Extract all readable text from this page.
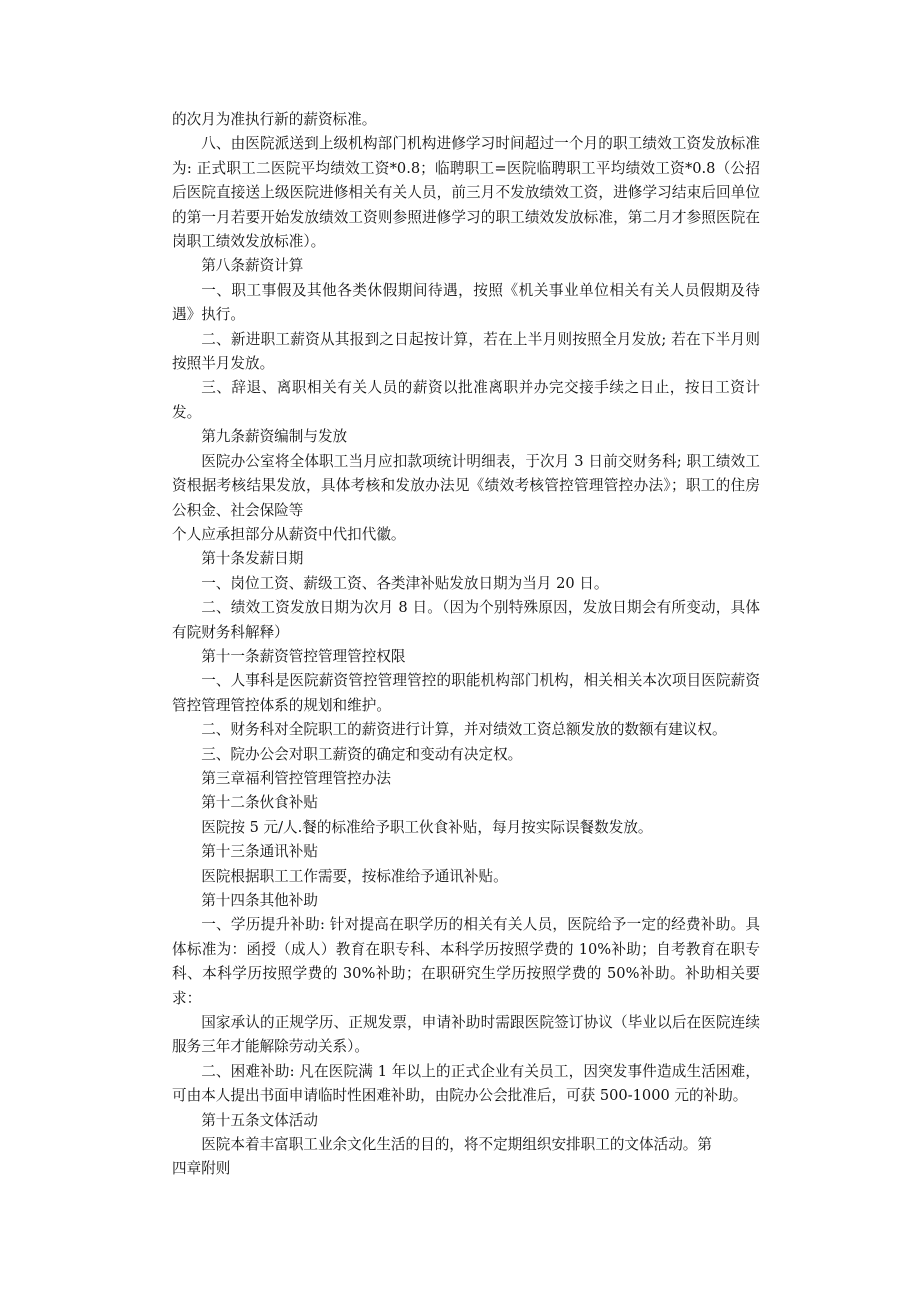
的次月为准执行新的薪资标准。

八、由医院派送到上级机构部门机构进修学习时间超过一个月的职工绩效工资发放标准为: 正式职工二医院平均绩效工资*0.8；临聘职工=医院临聘职工平均绩效工资*0.8（公招后医院直接送上级医院进修相关有关人员，前三月不发放绩效工资，进修学习结束后回单位的第一月若要开始发放绩效工资则参照进修学习的职工绩效发放标准，第二月才参照医院在岗职工绩效发放标准）。

第八条薪资计算

一、职工事假及其他各类休假期间待遇，按照《机关事业单位相关有关人员假期及待遇》执行。

二、新进职工薪资从其报到之日起按计算，若在上半月则按照全月发放; 若在下半月则按照半月发放。

三、辞退、离职相关有关人员的薪资以批准离职并办完交接手续之日止，按日工资计发。

第九条薪资编制与发放

医院办公室将全体职工当月应扣款项统计明细表，于次月 3 日前交财务科; 职工绩效工资根据考核结果发放，具体考核和发放办法见《绩效考核管控管理管控办法》；职工的住房公积金、社会保险等

个人应承担部分从薪资中代扣代徽。

第十条发薪日期

一、岗位工资、薪级工资、各类津补贴发放日期为当月 20 日。

二、绩效工资发放日期为次月 8 日。（因为个别特殊原因，发放日期会有所变动，具体有院财务科解释）

第十一条薪资管控管理管控权限

一、人事科是医院薪资管控管理管控的职能机构部门机构，相关相关本次项目医院薪资管控管理管控体系的规划和维护。

二、财务科对全院职工的薪资进行计算，并对绩效工资总额发放的数额有建议权。

三、院办公会对职工薪资的确定和变动有决定权。

第三章福利管控管理管控办法

第十二条伙食补贴

医院按 5 元/人.餐的标准给予职工伙食补贴，每月按实际误餐数发放。

第十三条通讯补贴

医院根据职工工作需要，按标准给予通讯补贴。

第十四条其他补助

一、学历提升补助: 针对提高在职学历的相关有关人员，医院给予一定的经费补助。具体标准为：函授（成人）教育在职专科、本科学历按照学费的 10%补助；自考教育在职专科、本科学历按照学费的 30%补助；在职研究生学历按照学费的 50%补助。补助相关要求：

国家承认的正规学历、正规发票，申请补助时需跟医院签订协议（毕业以后在医院连续服务三年才能解除劳动关系）。

二、困难补助: 凡在医院满 1 年以上的正式企业有关员工，因突发事件造成生活困难，可由本人提出书面申请临时性困难补助，由院办公会批准后，可获 500-1000 元的补助。

第十五条文体活动

医院本着丰富职工业余文化生活的目的，将不定期组织安排职工的文体活动。第

四章附则
